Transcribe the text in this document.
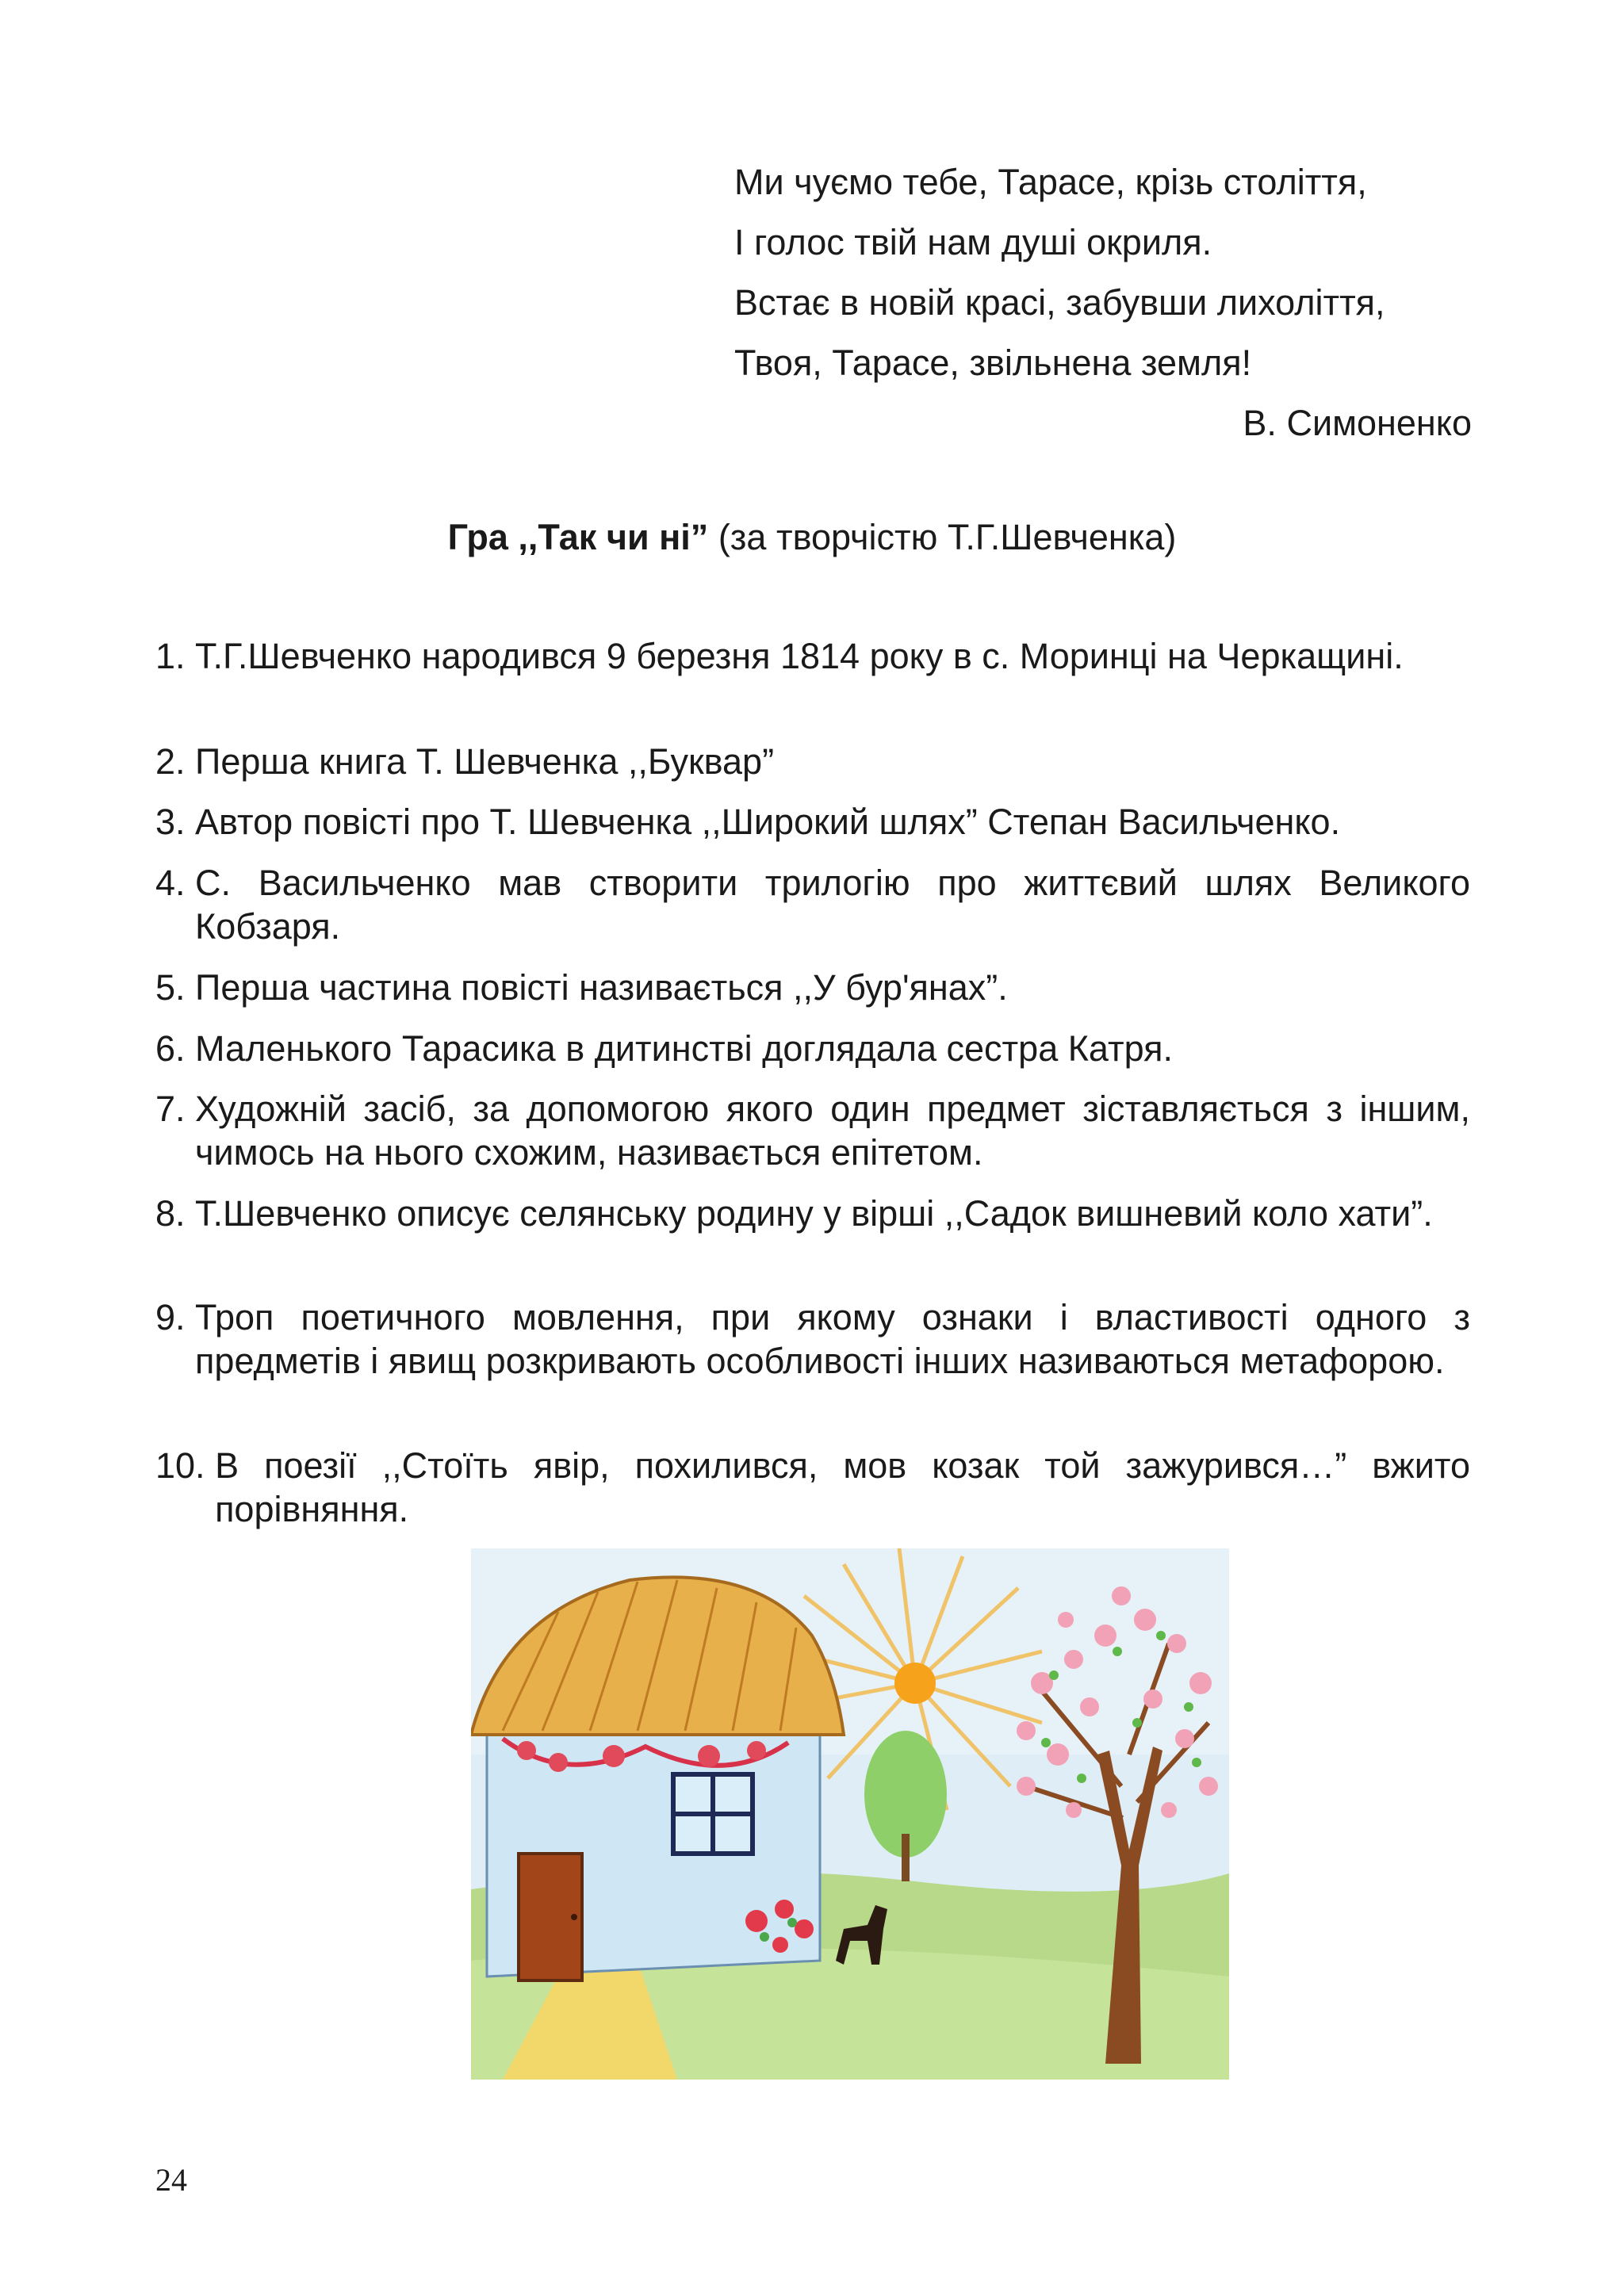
Ми чуємо тебе, Тарасе, крізь століття,
І голос твій нам душі окриля.
Встає в новій красі, забувши лихоліття,
Твоя, Тарасе, звільнена земля!
В. Симоненко
Гра ,,Так чи ні” (за творчістю Т.Г.Шевченка)
1. Т.Г.Шевченко народився 9 березня 1814 року в с. Моринці на Черкащині.
2. Перша книга Т. Шевченка ,,Буквар”
3. Автор повісті про Т. Шевченка ,,Широкий шлях” Степан Васильченко.
4. С. Васильченко мав створити трилогію про життєвий шлях Великого Кобзаря.
5. Перша частина повісті називається ,,У бур'янах”.
6. Маленького Тарасика в дитинстві доглядала сестра Катря.
7. Художній засіб, за допомогою якого один предмет зіставляється з іншим, чимось на нього схожим, називається епітетом.
8. Т.Шевченко описує селянську родину у вірші ,,Садок вишневий коло хати”.
9. Троп поетичного мовлення, при якому ознаки і властивості одного з предметів і явищ розкривають особливості інших називаються метафорою.
10. В поезії ,,Стоїть явір, похилився, мов козак той зажурився…” вжито порівняння.
24
